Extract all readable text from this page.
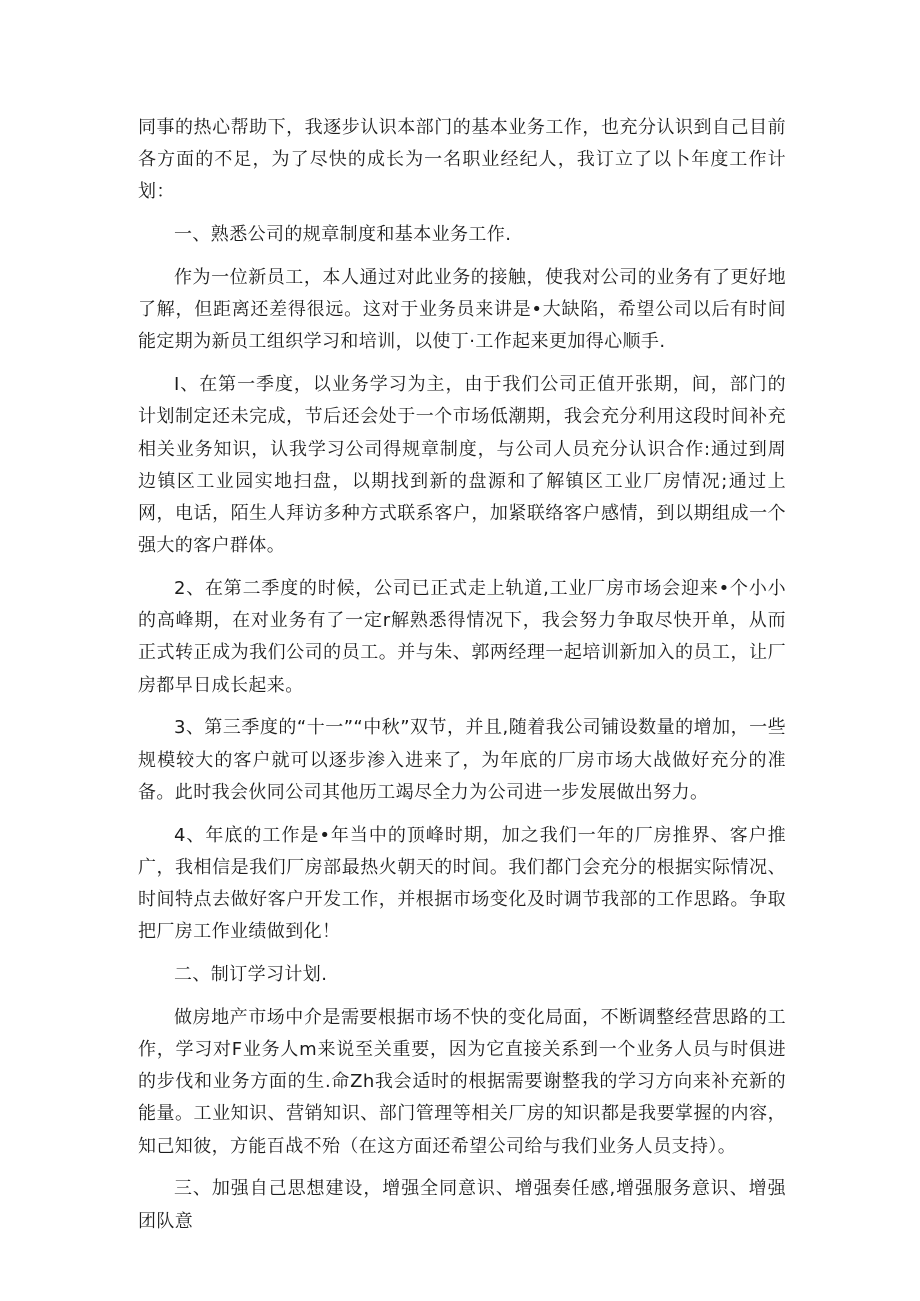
同事的热心帮助下，我逐步认识本部门的基本业务工作，也充分认识到自己目前各方面的不足，为了尽快的成长为一名职业经纪人，我订立了以卜年度工作计划：

一、熟悉公司的规章制度和基本业务工作.

作为一位新员工，本人通过对此业务的接触，使我对公司的业务有了更好地了解，但距离还差得很远。这对于业务员来讲是•大缺陷，希望公司以后有时间能定期为新员工组织学习和培训，以使丁·工作起来更加得心顺手.

I、在第一季度，以业务学习为主，由于我们公司正值开张期，间，部门的计划制定还未完成，节后还会处于一个市场低潮期，我会充分利用这段时间补充相关业务知识，认我学习公司得规章制度，与公司人员充分认识合作:通过到周边镇区工业园实地扫盘，以期找到新的盘源和了解镇区工业厂房情况;通过上网，电话，陌生人拜访多种方式联系客户，加紧联络客户感情，到以期组成一个强大的客户群体。

2、在第二季度的时候，公司已正式走上轨道,工业厂房市场会迎来•个小小的高峰期，在对业务有了一定r解熟悉得情况下，我会努力争取尽快开单，从而正式转正成为我们公司的员工。并与朱、郭两经理一起培训新加入的员工，让厂房都早日成长起来。

3、第三季度的“十一”“中秋”双节，并且,随着我公司铺设数量的增加，一些规模较大的客户就可以逐步渗入进来了，为年底的厂房市场大战做好充分的准备。此时我会伙同公司其他历工竭尽全力为公司进一步发展做出努力。

4、年底的工作是•年当中的顶峰时期，加之我们一年的厂房推界、客户推广，我相信是我们厂房部最热火朝天的时间。我们都门会充分的根据实际情况、时间特点去做好客户开发工作，并根据市场变化及时调节我部的工作思路。争取把厂房工作业绩做到化！

二、制订学习计划.

做房地产市场中介是需要根据市场不快的变化局面，不断调整经营思路的工作，学习对F业务人m来说至关重要，因为它直接关系到一个业务人员与时俱进的步伐和业务方面的生.命Zh我会适时的根据需要谢整我的学习方向来补充新的能量。工业知识、营销知识、部门管理等相关厂房的知识都是我要掌握的内容，知己知彼，方能百战不殆（在这方面还希望公司给与我们业务人员支持）。

三、加强自己思想建设，增强全同意识、增强奏任感,增强服务意识、增强团队意
